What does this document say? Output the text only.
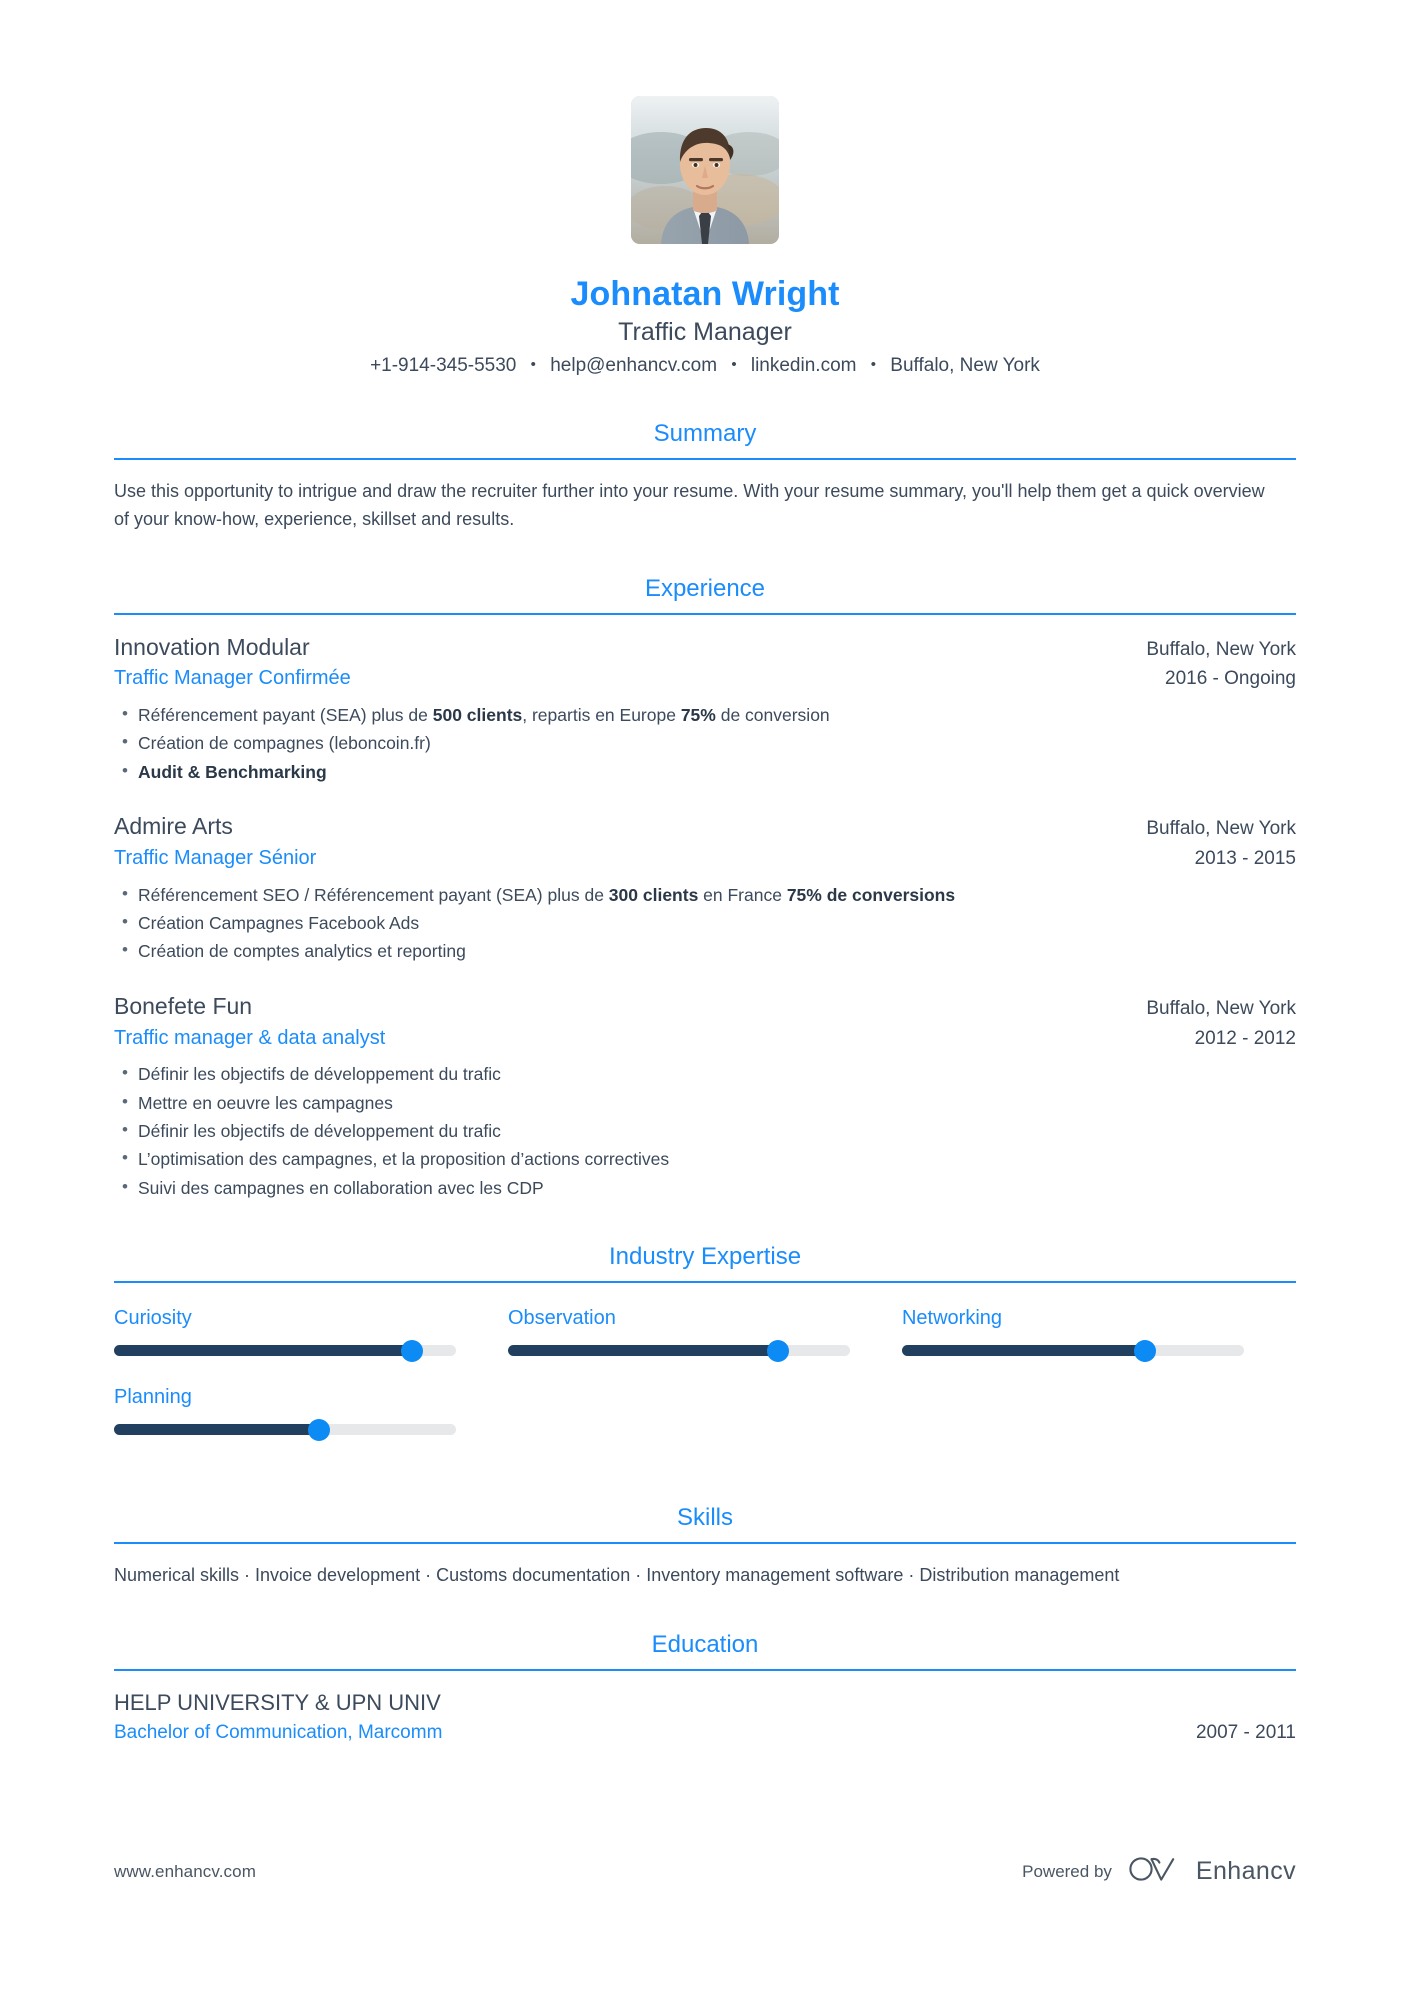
Johnatan Wright
Traffic Manager
+1-914-345-5530 • help@enhancv.com • linkedin.com • Buffalo, New York
Summary
Use this opportunity to intrigue and draw the recruiter further into your resume. With your resume summary, you'll help them get a quick overview of your know-how, experience, skillset and results.
Experience
Innovation Modular	Buffalo, New York
Traffic Manager Confirmée	2016 - Ongoing
• Référencement payant (SEA) plus de 500 clients, repartis en Europe 75% de conversion
• Création de compagnes (leboncoin.fr)
• Audit & Benchmarking
Admire Arts	Buffalo, New York
Traffic Manager Sénior	2013 - 2015
• Référencement SEO / Référencement payant (SEA) plus de 300 clients en France 75% de conversions
• Création Campagnes Facebook Ads
• Création de comptes analytics et reporting
Bonefete Fun	Buffalo, New York
Traffic manager & data analyst	2012 - 2012
• Définir les objectifs de développement du trafic
• Mettre en oeuvre les campagnes
• Définir les objectifs de développement du trafic
• L’optimisation des campagnes, et la proposition d’actions correctives
• Suivi des campagnes en collaboration avec les CDP
Industry Expertise
Curiosity	Observation	Networking
Planning
Skills
Numerical skills · Invoice development · Customs documentation · Inventory management software · Distribution management
Education
HELP UNIVERSITY & UPN UNIV
Bachelor of Communication, Marcomm	2007 - 2011
www.enhancv.com	Powered by	Enhancv
